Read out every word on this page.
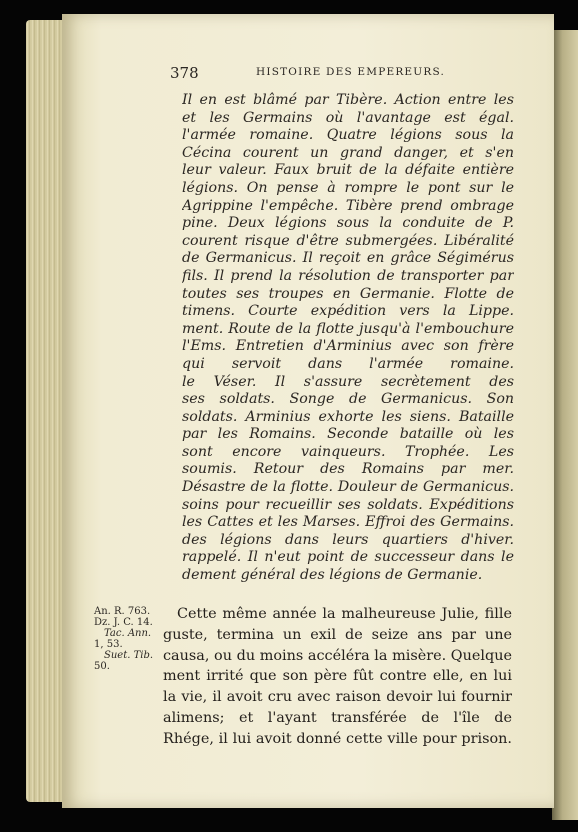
378	HISTOIRE DES EMPEREURS.
Il en est blâmé par Tibère. Action entre les
et les Germains où l'avantage est égal.
l'armée romaine. Quatre légions sous la
Cécina courent un grand danger, et s'en
leur valeur. Faux bruit de la défaite entière
légions. On pense à rompre le pont sur le
Agrippine l'empêche. Tibère prend ombrage
pine. Deux légions sous la conduite de P.
courent risque d'être submergées. Libéralité
de Germanicus. Il reçoit en grâce Ségimérus
fils. Il prend la résolution de transporter par
toutes ses troupes en Germanie. Flotte de
timens. Courte expédition vers la Lippe.
ment. Route de la flotte jusqu'à l'embouchure
l'Ems. Entretien d'Arminius avec son frère
qui servoit dans l'armée romaine.
le Véser. Il s'assure secrètement des
ses soldats. Songe de Germanicus. Son
soldats. Arminius exhorte les siens. Bataille
par les Romains. Seconde bataille où les
sont encore vainqueurs. Trophée. Les
soumis. Retour des Romains par mer.
Désastre de la flotte. Douleur de Germanicus.
soins pour recueillir ses soldats. Expéditions
les Cattes et les Marses. Effroi des Germains.
des légions dans leurs quartiers d'hiver.
rappelé. Il n'eut point de successeur dans le
dement général des légions de Germanie.
An. R. 763.
Dz. J. C. 14.
Tac. Ann.
1, 53.
Suet. Tib.
50.
Cette même année la malheureuse Julie, fille
guste, termina un exil de seize ans par une
causa, ou du moins accéléra la misère. Quelque
ment irrité que son père fût contre elle, en lui
la vie, il avoit cru avec raison devoir lui fournir
alimens; et l'ayant transférée de l'île de
Rhége, il lui avoit donné cette ville pour prison.
